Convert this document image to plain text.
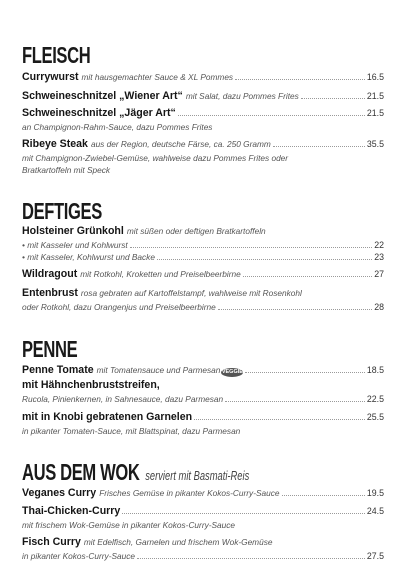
FLEISCH
Currywurst mit hausgemachter Sauce & XL Pommes	16.5
Schweineschnitzel „Wiener Art“ mit Salat, dazu Pommes Frites	21.5
Schweineschnitzel „Jäger Art“	21.5
an Champignon-Rahm-Sauce, dazu Pommes Frites
Ribeye Steak aus der Region, deutsche Färse, ca. 250 Gramm	35.5
mit Champignon-Zwiebel-Gemüse, wahlweise dazu Pommes Frites oder
Bratkartoffeln mit Speck
DEFTIGES
Holsteiner Grünkohl mit süßen oder deftigen Bratkartoffeln
• mit Kasseler und Kohlwurst	22
• mit Kasseler, Kohlwurst und Backe	23
Wildragout mit Rotkohl, Kroketten und Preiselbeerbirne	27
Entenbrust rosa gebraten auf Kartoffelstampf, wahlweise mit Rosenkohl
oder Rotkohl, dazu Orangenjus und Preiselbeerbirne	28
PENNE
Penne Tomate mit Tomatensauce und Parmesan VEGGIE	18.5
mit Hähnchenbruststreifen,
Rucola, Pinienkernen, in Sahnesauce, dazu Parmesan	22.5
mit in Knobi gebratenen Garnelen	25.5
in pikanter Tomaten-Sauce, mit Blattspinat, dazu Parmesan
AUS DEM WOK serviert mit Basmati-Reis
Veganes Curry Frisches Gemüse in pikanter Kokos-Curry-Sauce	19.5
Thai-Chicken-Curry	24.5
mit frischem Wok-Gemüse in pikanter Kokos-Curry-Sauce
Fisch Curry mit Edelfisch, Garnelen und frischem Wok-Gemüse
in pikanter Kokos-Curry-Sauce	27.5
